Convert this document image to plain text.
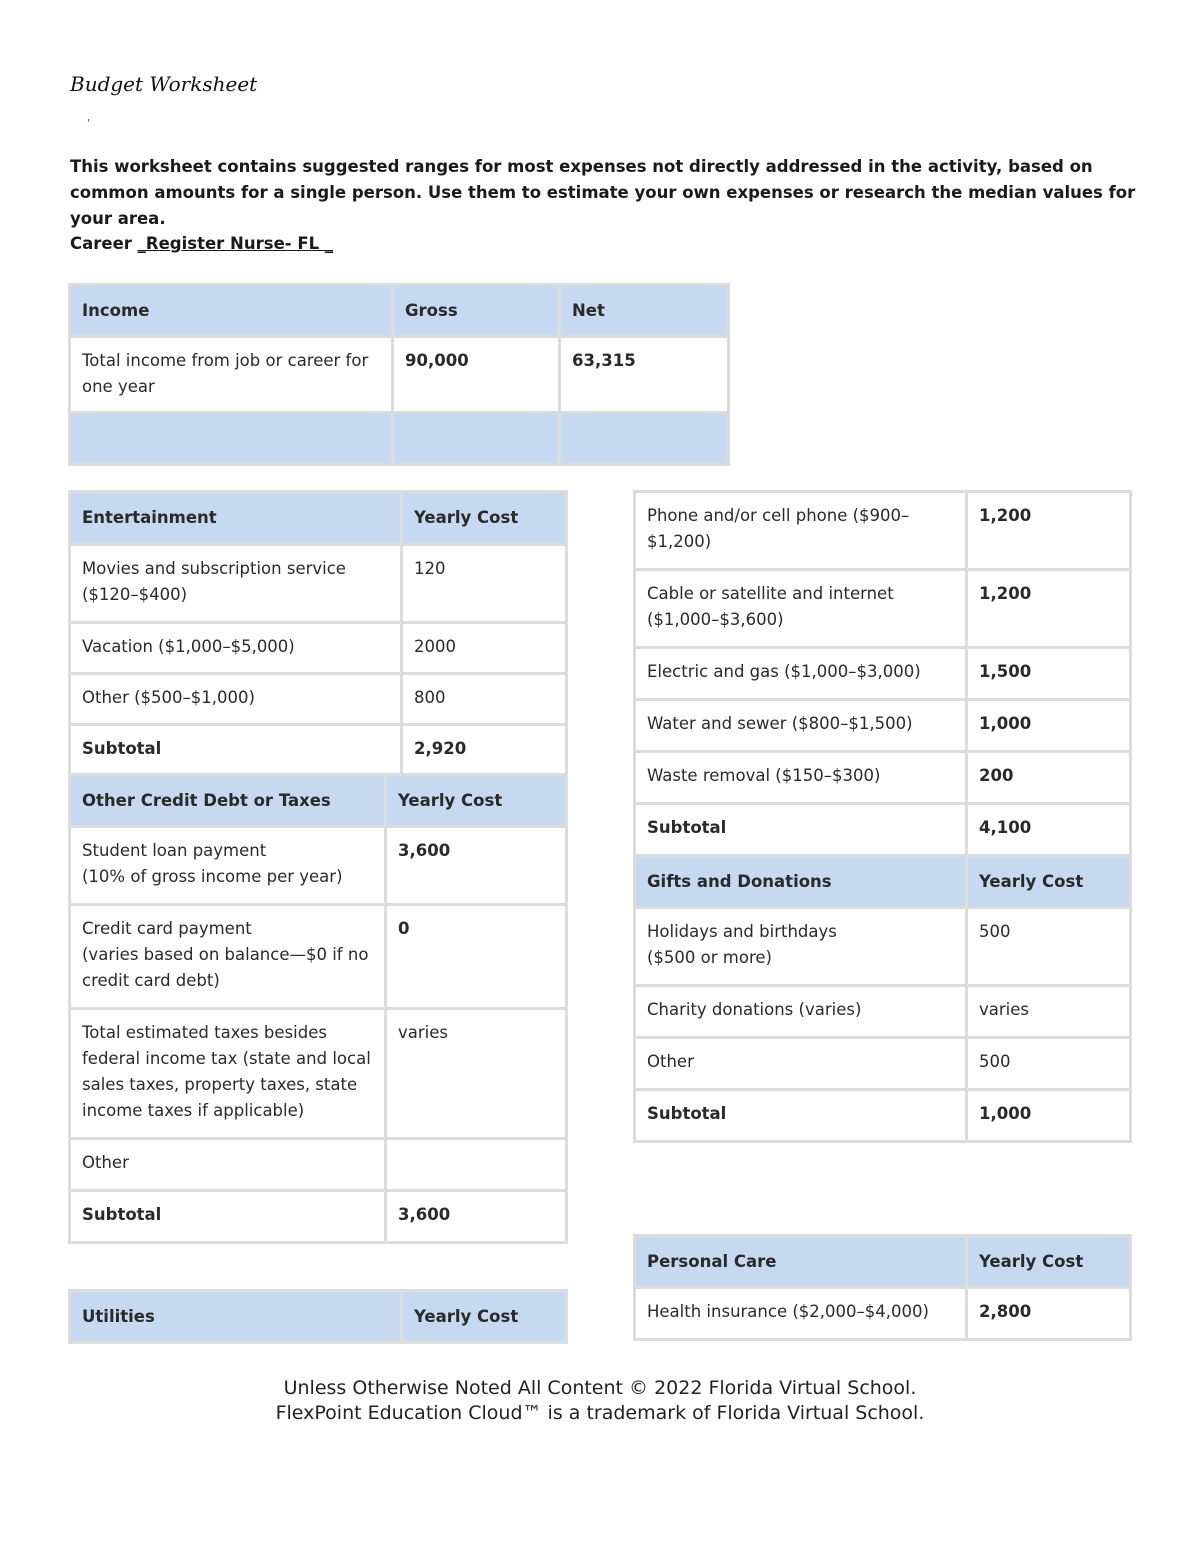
Budget Worksheet
'

This worksheet contains suggested ranges for most expenses not directly addressed in the activity, based on common amounts for a single person. Use them to estimate your own expenses or research the median values for your area.

Career _Register Nurse- FL _
Income	Gross	Net
Total income from job or career for one year	90,000	63,315

Entertainment	Yearly Cost
Movies and subscription service ($120–$400)	120
Vacation ($1,000–$5,000)	2000
Other ($500–$1,000)	800
Subtotal	2,920
Other Credit Debt or Taxes	Yearly Cost

Student loan payment
(10% of gross income per year)	3,600

Credit card payment
(varies based on balance—$0 if no credit card debt)	0
Total estimated taxes besides federal income tax (state and local sales taxes, property taxes, state income taxes if applicable)	varies
Other	
Subtotal	3,600
Utilities	Yearly Cost
Phone and/or cell phone ($900–$1,200)	1,200
Cable or satellite and internet ($1,000–$3,600)	1,200
Electric and gas ($1,000–$3,000)	1,500
Water and sewer ($800–$1,500)	1,000
Waste removal ($150–$300)	200
Subtotal	4,100
Gifts and Donations	Yearly Cost

Holidays and birthdays
($500 or more)	500
Charity donations (varies)	varies
Other	500
Subtotal	1,000
Personal Care	Yearly Cost
Health insurance ($2,000–$4,000)	2,800
Unless Otherwise Noted All Content © 2022 Florida Virtual School.
FlexPoint Education Cloud™ is a trademark of Florida Virtual School.
